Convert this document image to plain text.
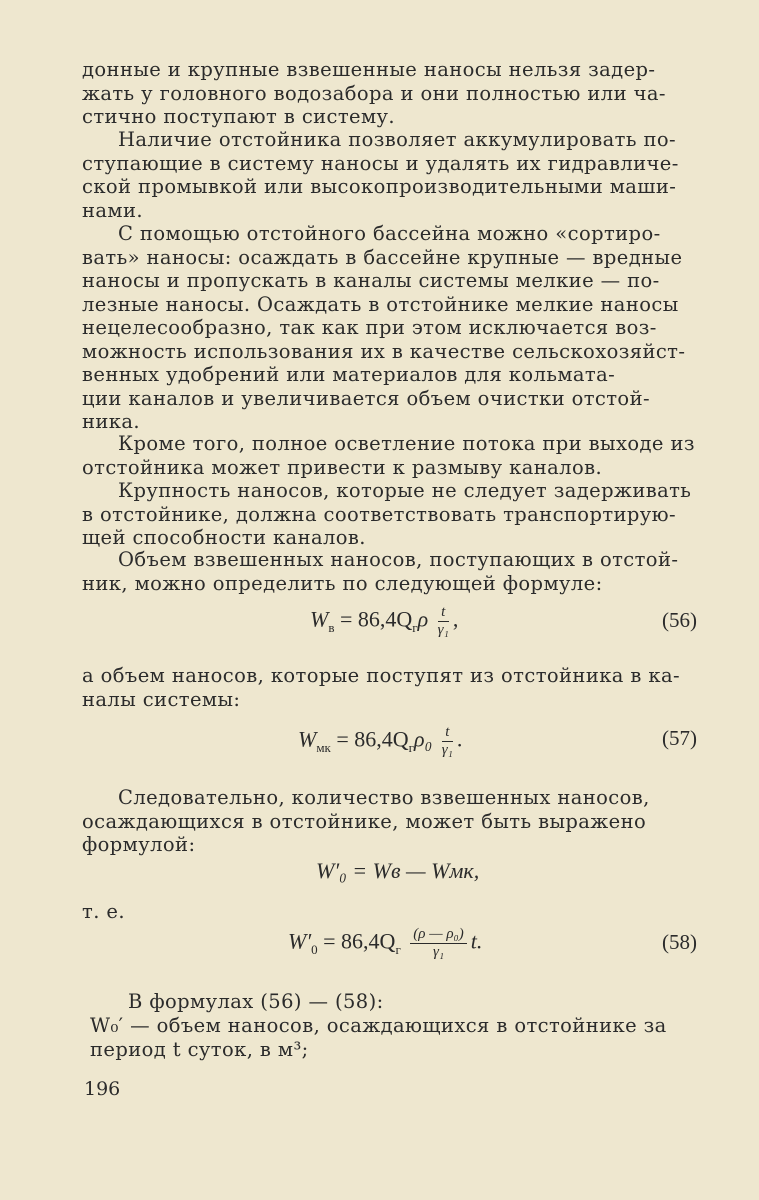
донные и крупные взвешенные наносы нельзя задер-
жать у головного водозабора и они полностью или ча-
стично поступают в систему.
Наличие отстойника позволяет аккумулировать по-
ступающие в систему наносы и удалять их гидравличе-
ской промывкой или высокопроизводительными маши-
нами.
С помощью отстойного бассейна можно «сортиро-
вать» наносы: осаждать в бассейне крупные — вредные
наносы и пропускать в каналы системы мелкие — по-
лезные наносы. Осаждать в отстойнике мелкие наносы
нецелесообразно, так как при этом исключается воз-
можность использования их в качестве сельскохозяйст-
венных удобрений или материалов для кольмата-
ции каналов и увеличивается объем очистки отстой-
ника.
Кроме того, полное осветление потока при выходе из
отстойника может привести к размыву каналов.
Крупность наносов, которые не следует задерживать
в отстойнике, должна соответствовать транспортирую-
щей способности каналов.
Объем взвешенных наносов, поступающих в отстой-
ник, можно определить по следующей формуле:
$W_в = 86,4Q_г\rho \frac{t}{\text{γ₁}}$ ,	(56)
а объем наносов, которые поступят из отстойника в ка-
налы системы:
$W_{мк} = 86,4Q_г\rho_0 \frac{t}{\text{γ₁}}$ .	(57)
Следовательно, количество взвешенных наносов,
осаждающихся в отстойнике, может быть выражено
формулой:
W′₀ = Wв — Wмк,
т. е.
$W'_0 = 86,4Q_г \frac{\text{(ρ — ρ₀)}}{\text{γ₁}} t$.	(58)
В формулах (56) — (58):
W₀′ — объем наносов, осаждающихся в отстойнике за
период t суток, в м³;
196
